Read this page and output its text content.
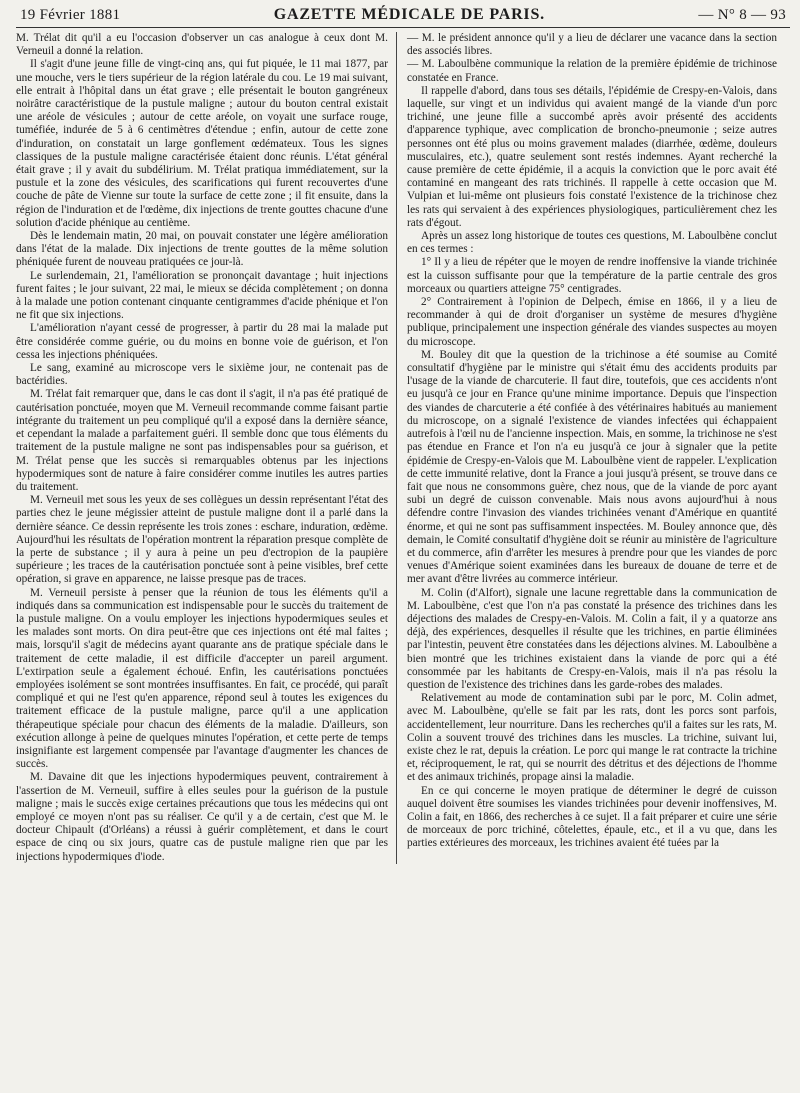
19 Février 1881	GAZETTE MÉDICALE DE PARIS.	— N° 8 — 93

M. Trélat dit qu'il a eu l'occasion d'observer un cas analogue à ceux dont M. Verneuil a donné la relation.

Il s'agit d'une jeune fille de vingt-cinq ans, qui fut piquée, le 11 mai 1877, par une mouche, vers le tiers supérieur de la région latérale du cou. Le 19 mai suivant, elle entrait à l'hôpital dans un état grave ; elle présentait le bouton gangréneux noirâtre caractéristique de la pustule maligne ; autour du bouton central existait une aréole de vésicules ; autour de cette aréole, on voyait une surface rouge, tuméfiée, indurée de 5 à 6 centimètres d'étendue ; enfin, autour de cette zone d'induration, on constatait un large gonflement œdémateux. Tous les signes classiques de la pustule maligne caractérisée étaient donc réunis. L'état général était grave ; il y avait du subdélirium. M. Trélat pratiqua immédiatement, sur la pustule et la zone des vésicules, des scarifications qui furent recouvertes d'une couche de pâte de Vienne sur toute la surface de cette zone ; il fit ensuite, dans la région de l'induration et de l'œdème, dix injections de trente gouttes chacune d'une solution d'acide phénique au centième.

Dès le lendemain matin, 20 mai, on pouvait constater une légère amélioration dans l'état de la malade. Dix injections de trente gouttes de la même solution phéniquée furent de nouveau pratiquées ce jour-là.

Le surlendemain, 21, l'amélioration se prononçait davantage ; huit injections furent faites ; le jour suivant, 22 mai, le mieux se décida complètement ; on donna à la malade une potion contenant cinquante centigrammes d'acide phénique et l'on ne fit que six injections.

L'amélioration n'ayant cessé de progresser, à partir du 28 mai la malade put être considérée comme guérie, ou du moins en bonne voie de guérison, et l'on cessa les injections phéniquées.

Le sang, examiné au microscope vers le sixième jour, ne contenait pas de bactéridies.

M. Trélat fait remarquer que, dans le cas dont il s'agit, il n'a pas été pratiqué de cautérisation ponctuée, moyen que M. Verneuil recommande comme faisant partie intégrante du traitement un peu compliqué qu'il a exposé dans la dernière séance, et cependant la malade a parfaitement guéri. Il semble donc que tous éléments du traitement de la pustule maligne ne sont pas indispensables pour sa guérison, et M. Trélat pense que les succès si remarquables obtenus par les injections hypodermiques sont de nature à faire considérer comme inutiles les autres parties du traitement.

M. Verneuil met sous les yeux de ses collègues un dessin représentant l'état des parties chez le jeune mégissier atteint de pustule maligne dont il a parlé dans la dernière séance. Ce dessin représente les trois zones : eschare, induration, œdème. Aujourd'hui les résultats de l'opération montrent la réparation presque complète de la perte de substance ; il y aura à peine un peu d'ectropion de la paupière supérieure ; les traces de la cautérisation ponctuée sont à peine visibles, bref cette opération, si grave en apparence, ne laisse presque pas de traces.

M. Verneuil persiste à penser que la réunion de tous les éléments qu'il a indiqués dans sa communication est indispensable pour le succès du traitement de la pustule maligne. On a voulu employer les injections hypodermiques seules et les malades sont morts. On dira peut-être que ces injections ont été mal faites ; mais, lorsqu'il s'agit de médecins ayant quarante ans de pratique spéciale dans le traitement de cette maladie, il est difficile d'accepter un pareil argument. L'extirpation seule a également échoué. Enfin, les cautérisations ponctuées employées isolément se sont montrées insuffisantes. En fait, ce procédé, qui paraît compliqué et qui ne l'est qu'en apparence, répond seul à toutes les exigences du traitement efficace de la pustule maligne, parce qu'il a une application thérapeutique spéciale pour chacun des éléments de la maladie. D'ailleurs, son exécution allonge à peine de quelques minutes l'opération, et cette perte de temps insignifiante est largement compensée par l'avantage d'augmenter les chances de succès.

M. Davaine dit que les injections hypodermiques peuvent, contrairement à l'assertion de M. Verneuil, suffire à elles seules pour la guérison de la pustule maligne ; mais le succès exige certaines précautions que tous les médecins qui ont employé ce moyen n'ont pas su réaliser. Ce qu'il y a de certain, c'est que M. le docteur Chipault (d'Orléans) a réussi à guérir complètement, et dans le court espace de cinq ou six jours, quatre cas de pustule maligne rien que par les injections hypodermiques d'iode.

— M. le président annonce qu'il y a lieu de déclarer une vacance dans la section des associés libres.

— M. Laboulbène communique la relation de la première épidémie de trichinose constatée en France.

Il rappelle d'abord, dans tous ses détails, l'épidémie de Crespy-en-Valois, dans laquelle, sur vingt et un individus qui avaient mangé de la viande d'un porc trichiné, une jeune fille a succombé après avoir présenté des accidents d'apparence typhique, avec complication de broncho-pneumonie ; seize autres personnes ont été plus ou moins gravement malades (diarrhée, œdème, douleurs musculaires, etc.), quatre seulement sont restés indemnes. Ayant recherché la cause première de cette épidémie, il a acquis la conviction que le porc avait été contaminé en mangeant des rats trichinés. Il rappelle à cette occasion que M. Vulpian et lui-même ont plusieurs fois constaté l'existence de la trichinose chez les rats qui servaient à des expériences physiologiques, particulièrement chez les rats d'égout.

Après un assez long historique de toutes ces questions, M. Laboulbène conclut en ces termes :

1° Il y a lieu de répéter que le moyen de rendre inoffensive la viande trichinée est la cuisson suffisante pour que la température de la partie centrale des gros morceaux ou quartiers atteigne 75° centigrades.

2° Contrairement à l'opinion de Delpech, émise en 1866, il y a lieu de recommander à qui de droit d'organiser un système de mesures d'hygiène publique, principalement une inspection générale des viandes suspectes au moyen du microscope.

M. Bouley dit que la question de la trichinose a été soumise au Comité consultatif d'hygiène par le ministre qui s'était ému des accidents produits par l'usage de la viande de charcuterie. Il faut dire, toutefois, que ces accidents n'ont eu jusqu'à ce jour en France qu'une minime importance. Depuis que l'inspection des viandes de charcuterie a été confiée à des vétérinaires habitués au maniement du microscope, on a signalé l'existence de viandes infectées qui échappaient autrefois à l'œil nu de l'ancienne inspection. Mais, en somme, la trichinose ne s'est pas étendue en France et l'on n'a eu jusqu'à ce jour à signaler que la petite épidémie de Crespy-en-Valois que M. Laboulbène vient de rappeler. L'explication de cette immunité relative, dont la France a joui jusqu'à présent, se trouve dans ce fait que nous ne consommons guère, chez nous, que de la viande de porc ayant subi un degré de cuisson convenable. Mais nous avons aujourd'hui à nous défendre contre l'invasion des viandes trichinées venant d'Amérique en quantité énorme, et qui ne sont pas suffisamment inspectées. M. Bouley annonce que, dès demain, le Comité consultatif d'hygiène doit se réunir au ministère de l'agriculture et du commerce, afin d'arrêter les mesures à prendre pour que les viandes de porc venues d'Amérique soient examinées dans les bureaux de douane de terre et de mer avant d'être livrées au commerce intérieur.

M. Colin (d'Alfort), signale une lacune regrettable dans la communication de M. Laboulbène, c'est que l'on n'a pas constaté la présence des trichines dans les déjections des malades de Crespy-en-Valois. M. Colin a fait, il y a quatorze ans déjà, des expériences, desquelles il résulte que les trichines, en partie éliminées par l'intestin, peuvent être constatées dans les déjections alvines. M. Laboulbène a bien montré que les trichines existaient dans la viande de porc qui a été consommée par les habitants de Crespy-en-Valois, mais il n'a pas résolu la question de l'existence des trichines dans les garde-robes des malades.

Relativement au mode de contamination subi par le porc, M. Colin admet, avec M. Laboulbène, qu'elle se fait par les rats, dont les porcs sont parfois, accidentellement, leur nourriture. Dans les recherches qu'il a faites sur les rats, M. Colin a souvent trouvé des trichines dans les muscles. La trichine, suivant lui, existe chez le rat, depuis la création. Le porc qui mange le rat contracte la trichine et, réciproquement, le rat, qui se nourrit des détritus et des déjections de l'homme et des animaux trichinés, propage ainsi la maladie.

En ce qui concerne le moyen pratique de déterminer le degré de cuisson auquel doivent être soumises les viandes trichinées pour devenir inoffensives, M. Colin a fait, en 1866, des recherches à ce sujet. Il a fait préparer et cuire une série de morceaux de porc trichiné, côtelettes, épaule, etc., et il a vu que, dans les parties extérieures des morceaux, les trichines avaient été tuées par la
